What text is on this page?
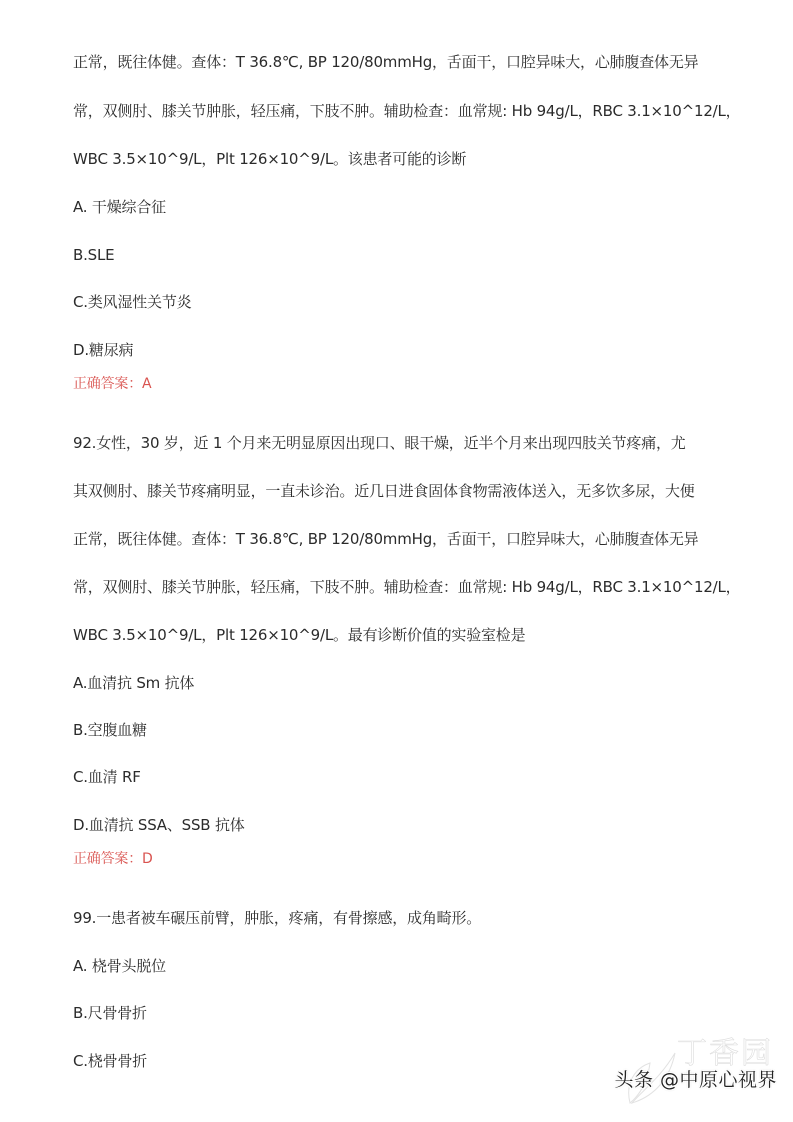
正常，既往体健。查体：T 36.8℃, BP 120/80mmHg，舌面干，口腔异味大，心肺腹查体无异
常，双侧肘、膝关节肿胀，轻压痛，下肢不肿。辅助检查：血常规: Hb 94g/L，RBC 3.1×10^12/L，
WBC 3.5×10^9/L，Plt 126×10^9/L。该患者可能的诊断
A. 干燥综合征
B.SLE
C.类风湿性关节炎
D.糖尿病
正确答案：A
92.女性，30 岁，近 1 个月来无明显原因出现口、眼干燥，近半个月来出现四肢关节疼痛，尤
其双侧肘、膝关节疼痛明显，一直未诊治。近几日进食固体食物需液体送入，无多饮多尿，大便
正常，既往体健。查体：T 36.8℃, BP 120/80mmHg，舌面干，口腔异味大，心肺腹查体无异
常，双侧肘、膝关节肿胀，轻压痛，下肢不肿。辅助检查：血常规: Hb 94g/L，RBC 3.1×10^12/L，
WBC 3.5×10^9/L，Plt 126×10^9/L。最有诊断价值的实验室检是
A.血清抗 Sm 抗体
B.空腹血糖
C.血清 RF
D.血清抗 SSA、SSB 抗体
正确答案：D
99.一患者被车碾压前臂，肿胀，疼痛，有骨擦感，成角畸形。
A. 桡骨头脱位
B.尺骨骨折
C.桡骨骨折	丁香园
头条 @中原心视界
